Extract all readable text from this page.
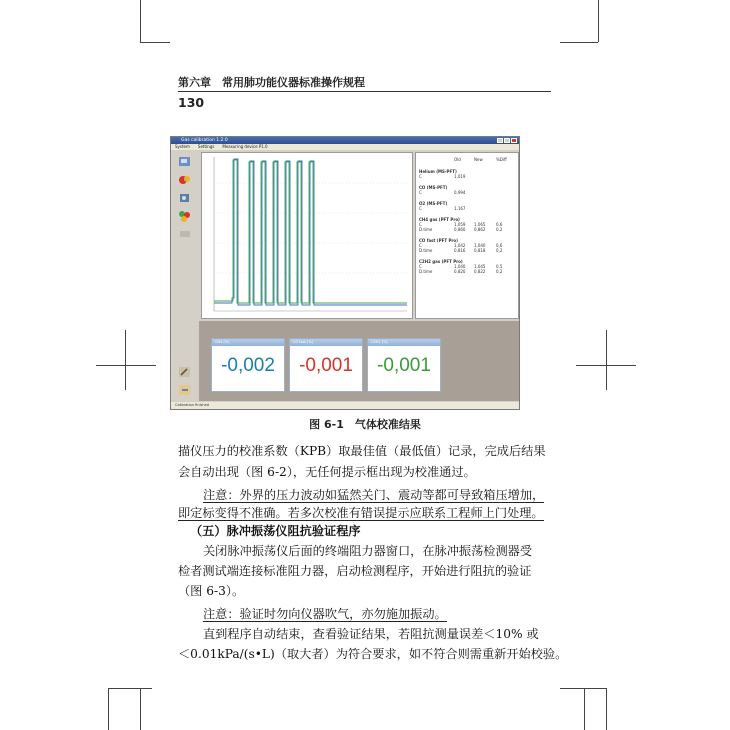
第六章　常用肺功能仪器标准操作规程
130
Gas calibration 1.2.0
System Settings Measuring device P1.0
Old	New	%Diff
Helium (MS-PFT)
C	1,019
CO (MS-PFT)
C	0,994
O2 (MS-PFT)
C	1,167
CH4 gas (PFT Pro)
C	1,059 1,065	0,6
D.time	0,860 0,862	0,2
CO fast (PFT Pro)
C	1,042 1,040	0,6
D.time	0,816 0,818	0,2
C2H2 gas (PFT Pro)
C	1,040 1,045	0,5
D.time	0,820 0,822	0,2
CH4 (%)
-0,002
CO fast (%)
-0,001
C2H2 (%)
-0,001
Calibration finished
图 6-1　气体校准结果
描仪压力的校准系数（KPB）取最佳值（最低值）记录，完成后结果
会自动出现（图 6-2），无任何提示框出现为校准通过。
注意：外界的压力波动如猛然关门、震动等都可导致箱压增加，
即定标变得不准确。若多次校准有错误提示应联系工程师上门处理。
（五）脉冲振荡仪阻抗验证程序
关闭脉冲振荡仪后面的终端阻力器窗口，在脉冲振荡检测器受
检者测试端连接标准阻力器，启动检测程序，开始进行阻抗的验证
（图 6-3）。
注意：验证时勿向仪器吹气，亦勿施加振动。
直到程序自动结束，查看验证结果，若阻抗测量误差＜10% 或
＜0.01kPa/(s•L)（取大者）为符合要求，如不符合则需重新开始校验。
